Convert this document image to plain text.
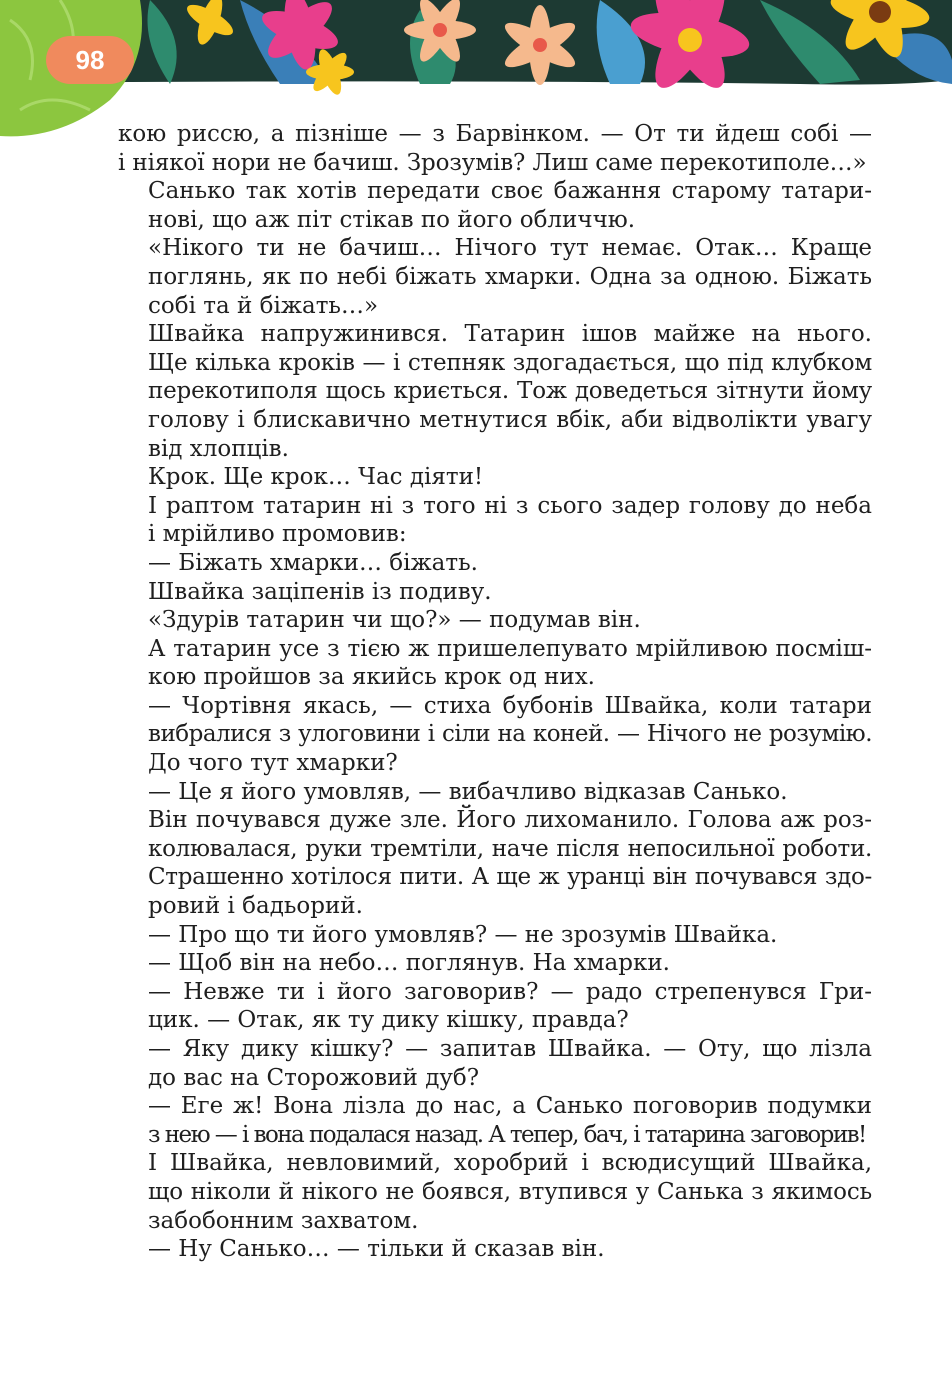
98

кою риссю, а пізніше — з Барвінком. — От ти йдеш собі —
і ніякої нори не бачиш. Зрозумів? Лиш саме перекотиполе…»

Санько так хотів передати своє бажання старому татари-
нові, що аж піт стікав по його обличчю.

«Нікого ти не бачиш… Нічого тут немає. Отак… Краще
поглянь, як по небі біжать хмарки. Одна за одною. Біжать
собі та й біжать…»

Швайка напружинився. Татарин ішов майже на нього.
Ще кілька кроків — і степняк здогадається, що під клубком
перекотиполя щось криється. Тож доведеться зітнути йому
голову і блискавично метнутися вбік, аби відволікти увагу
від хлопців.

Крок. Ще крок… Час діяти!

І раптом татарин ні з того ні з сього задер голову до неба
і мрійливо промовив:

— Біжать хмарки… біжать.

Швайка заціпенів із подиву.

«Здурів татарин чи що?» — подумав він.

А татарин усе з тією ж пришелепувато мрійливою посміш-
кою пройшов за якийсь крок од них.

— Чортівня якась, — стиха бубонів Швайка, коли татари
вибралися з улоговини і сіли на коней. — Нічого не розумію.
До чого тут хмарки?

— Це я його умовляв, — вибачливо відказав Санько.

Він почувався дуже зле. Його лихоманило. Голова аж роз-
колювалася, руки тремтіли, наче після непосильної роботи.
Страшенно хотілося пити. А ще ж уранці він почувався здо-
ровий і бадьорий.

— Про що ти його умовляв? — не зрозумів Швайка.

— Щоб він на небо… поглянув. На хмарки.

— Невже ти і його заговорив? — радо стрепенувся Гри-
цик. — Отак, як ту дику кішку, правда?

— Яку дику кішку? — запитав Швайка. — Оту, що лізла
до вас на Сторожовий дуб?

— Еге ж! Вона лізла до нас, а Санько поговорив подумки
з нею — і вона подалася назад. А тепер, бач, і татарина заговорив!

І Швайка, невловимий, хоробрий і всюдисущий Швайка,
що ніколи й нікого не боявся, втупився у Санька з якимось
забобонним захватом.

— Ну Санько… — тільки й сказав він.
